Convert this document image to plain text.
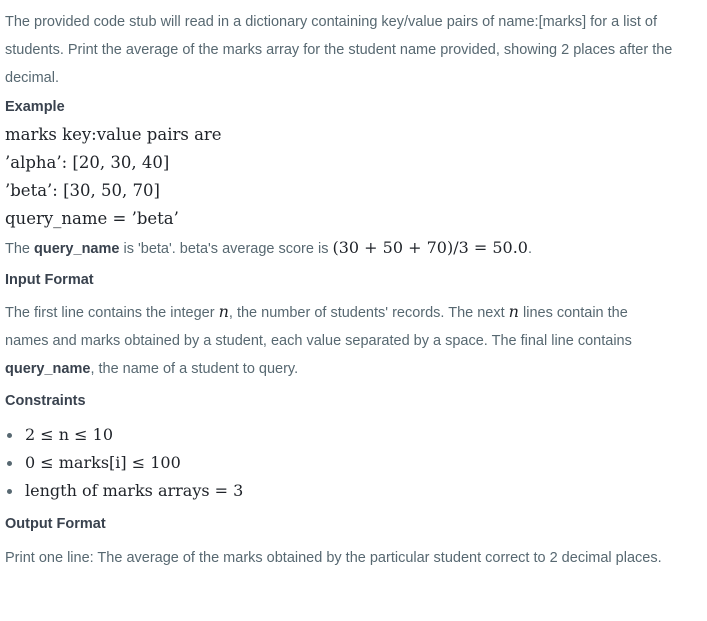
The provided code stub will read in a dictionary containing key/value pairs of name:[marks] for a list of students. Print the average of the marks array for the student name provided, showing 2 places after the decimal.

Example
marks key:value pairs are
’alpha’: [20, 30, 40]
’beta’: [30, 50, 70]
query_name = ’beta’

The query_name is 'beta'. beta's average score is (30 + 50 + 70)/3 = 50.0.

Input Format

The first line contains the integer n, the number of students' records. The next n lines contain the names and marks obtained by a student, each value separated by a space. The final line contains query_name, the name of a student to query.

Constraints
2 ≤ n ≤ 10
0 ≤ marks[i] ≤ 100
length of marks arrays = 3
Output Format

Print one line: The average of the marks obtained by the particular student correct to 2 decimal places.
